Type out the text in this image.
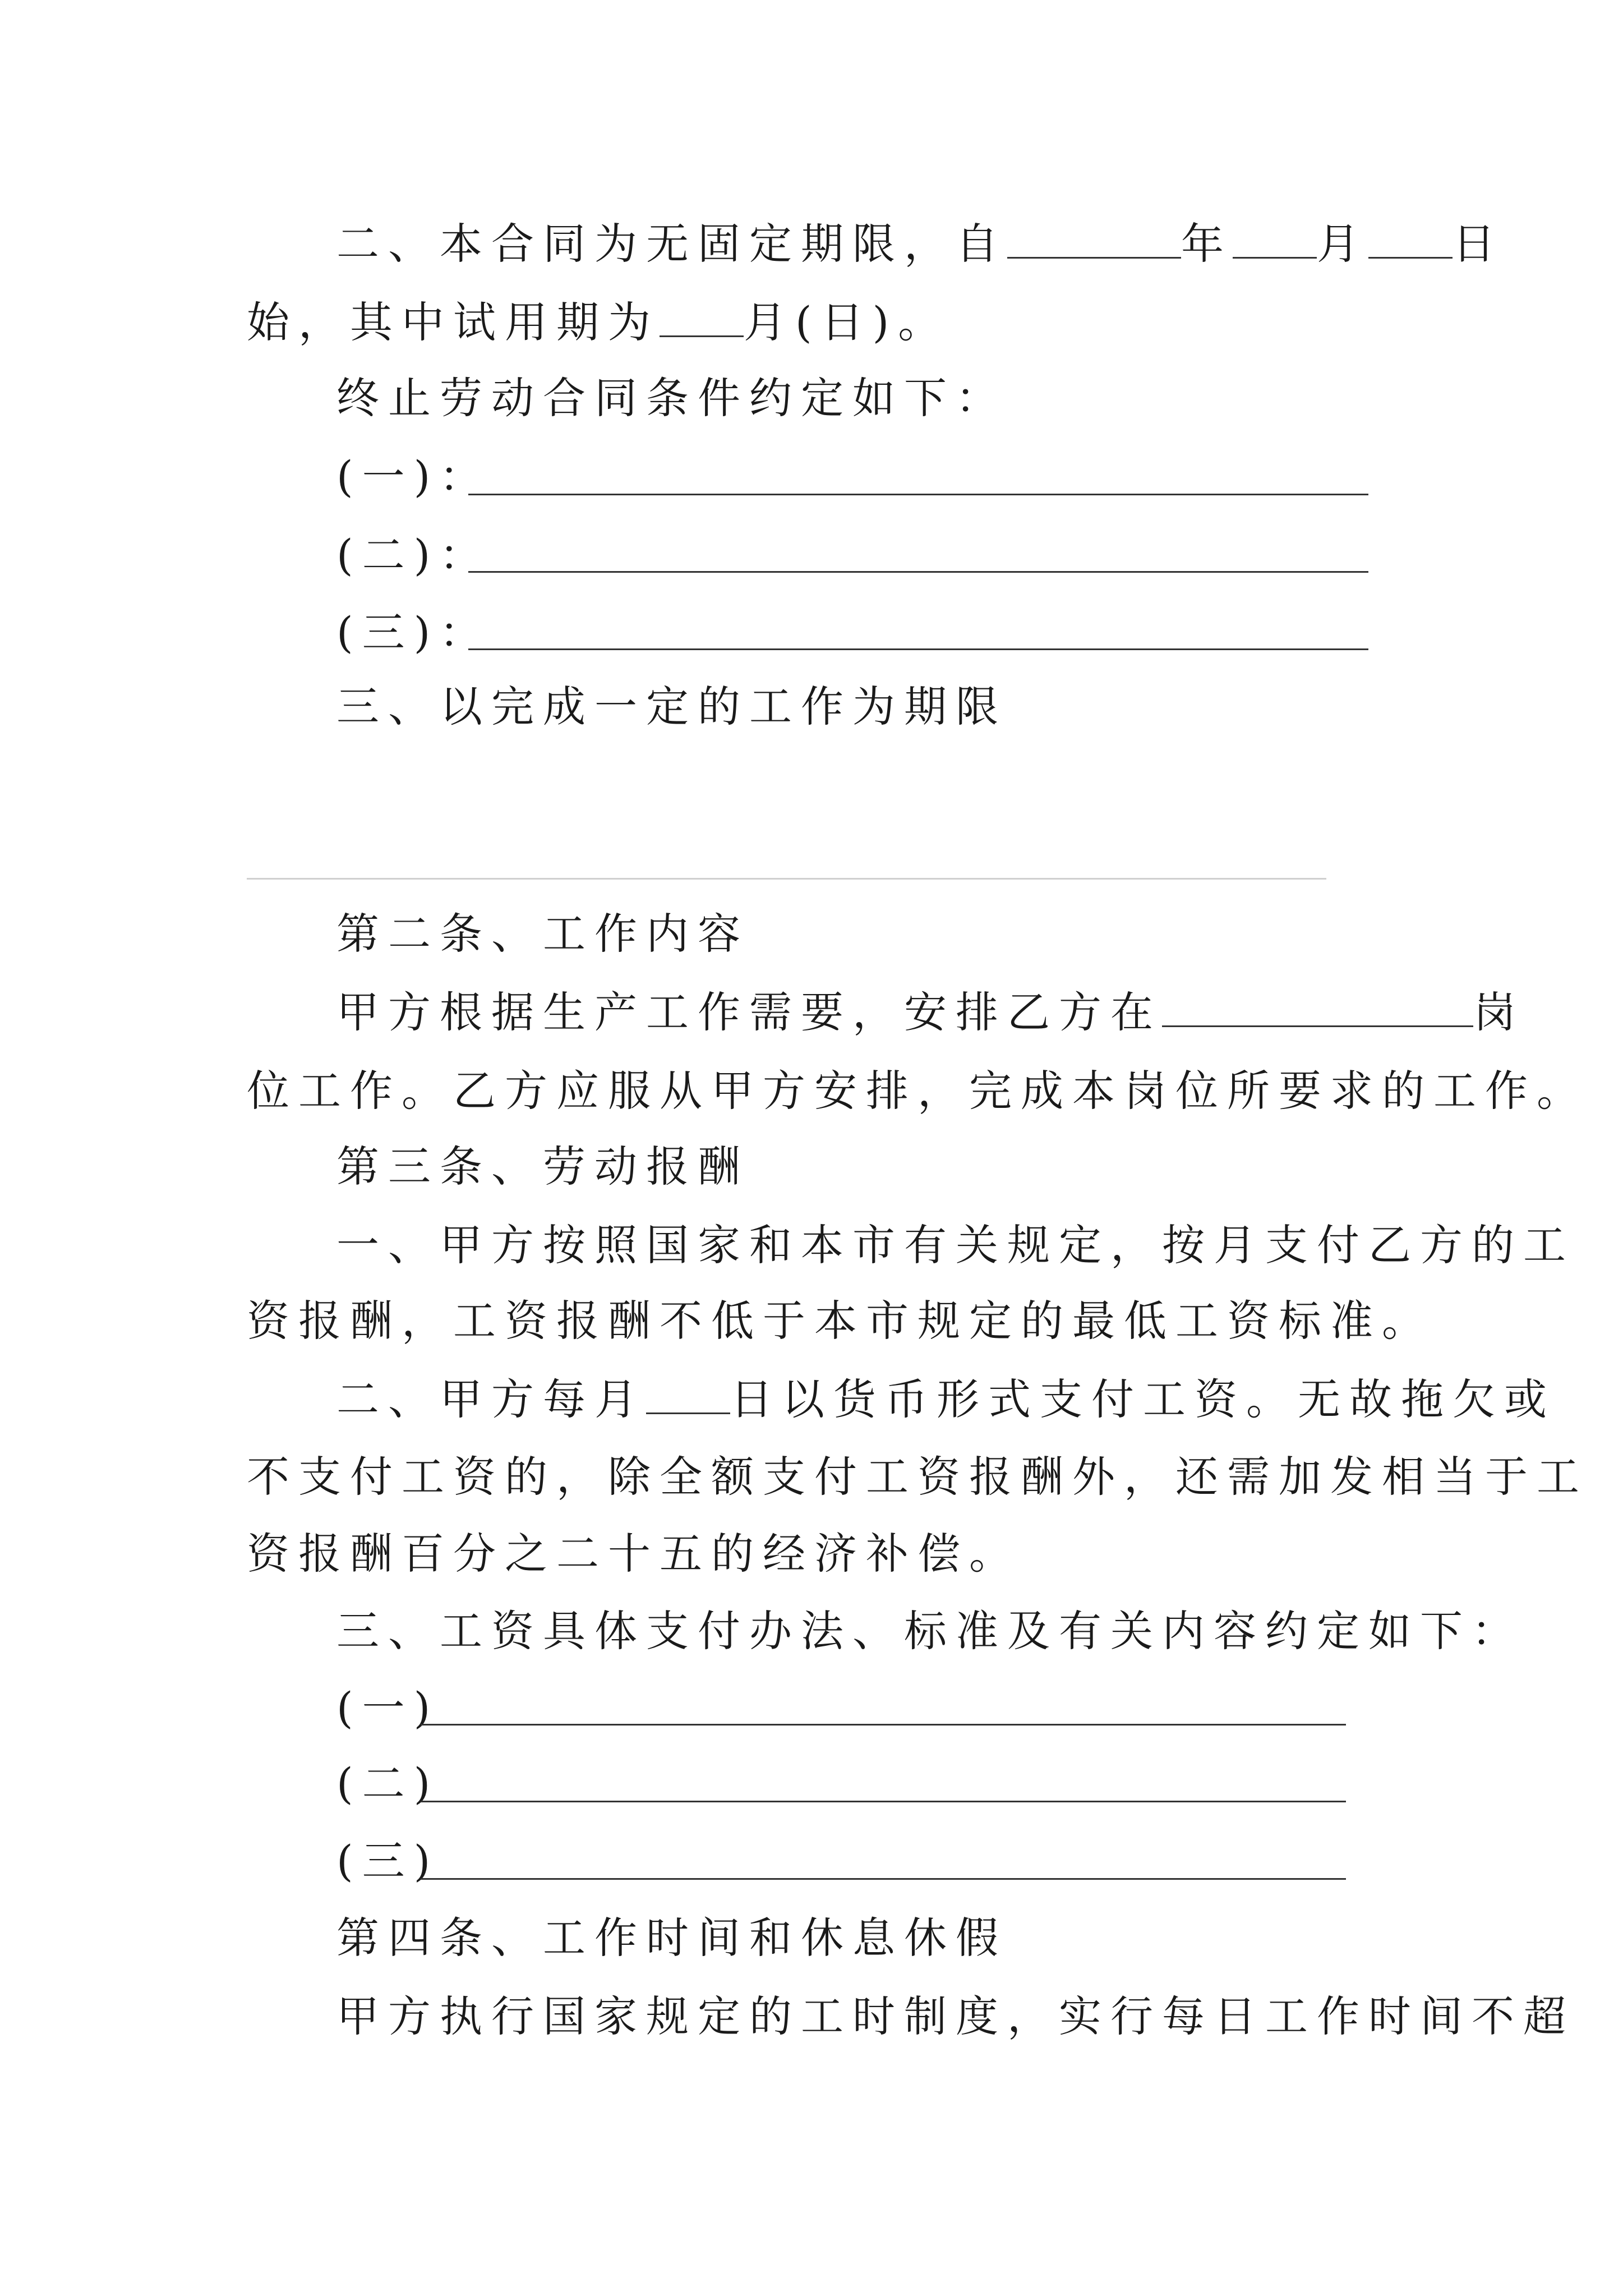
二、本合同为无固定期限，自	年 月 日
始，其中试用期为 月(日)。
终止劳动合同条件约定如下：
(一)：
(二)：
(三)：
三、以完成一定的工作为期限
第二条、工作内容
甲方根据生产工作需要，安排乙方在	岗
位工作。乙方应服从甲方安排，完成本岗位所要求的工作。
第三条、劳动报酬
一、甲方按照国家和本市有关规定，按月支付乙方的工
资报酬，工资报酬不低于本市规定的最低工资标准。
二、甲方每月 日以货币形式支付工资。无故拖欠或
不支付工资的，除全额支付工资报酬外，还需加发相当于工
资报酬百分之二十五的经济补偿。
三、工资具体支付办法、标准及有关内容约定如下：
(一)
(二)
(三)
第四条、工作时间和休息休假
甲方执行国家规定的工时制度，实行每日工作时间不超
